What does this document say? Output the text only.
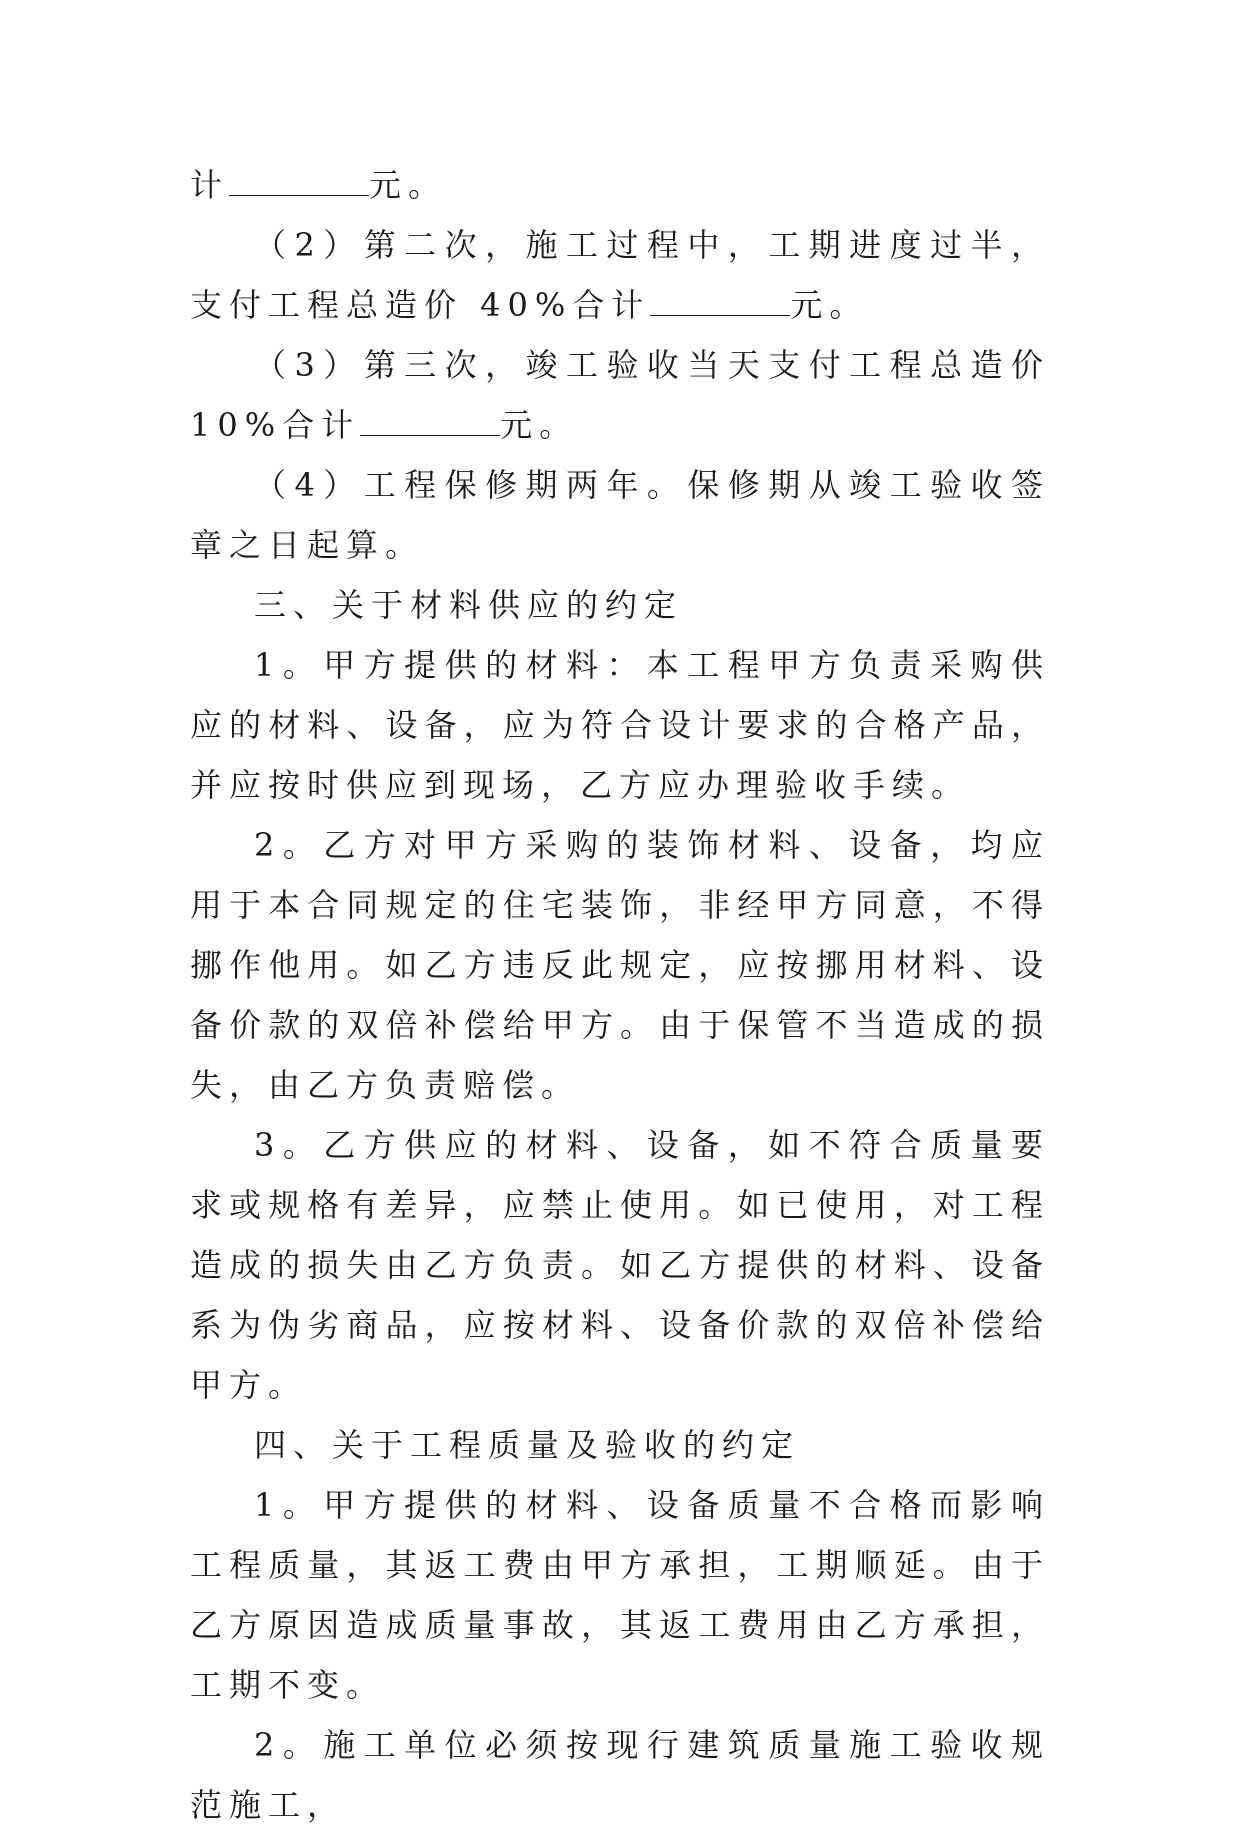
计	元。

（2）第二次，施工过程中，工期进度过半，支付工程总造价 40%合计	元。

（3）第三次，竣工验收当天支付工程总造价 10%合计	元。

（4）工程保修期两年。保修期从竣工验收签章之日起算。

三、关于材料供应的约定

1。甲方提供的材料：本工程甲方负责采购供应的材料、设备，应为符合设计要求的合格产品，并应按时供应到现场，乙方应办理验收手续。

2。乙方对甲方采购的装饰材料、设备，均应用于本合同规定的住宅装饰，非经甲方同意，不得挪作他用。如乙方违反此规定，应按挪用材料、设备价款的双倍补偿给甲方。由于保管不当造成的损失，由乙方负责赔偿。

3。乙方供应的材料、设备，如不符合质量要求或规格有差异，应禁止使用。如已使用，对工程造成的损失由乙方负责。如乙方提供的材料、设备系为伪劣商品，应按材料、设备价款的双倍补偿给甲方。

四、关于工程质量及验收的约定

1。甲方提供的材料、设备质量不合格而影响工程质量，其返工费由甲方承担，工期顺延。由于乙方原因造成质量事故，其返工费用由乙方承担，工期不变。

2。施工单位必须按现行建筑质量施工验收规范施工，
